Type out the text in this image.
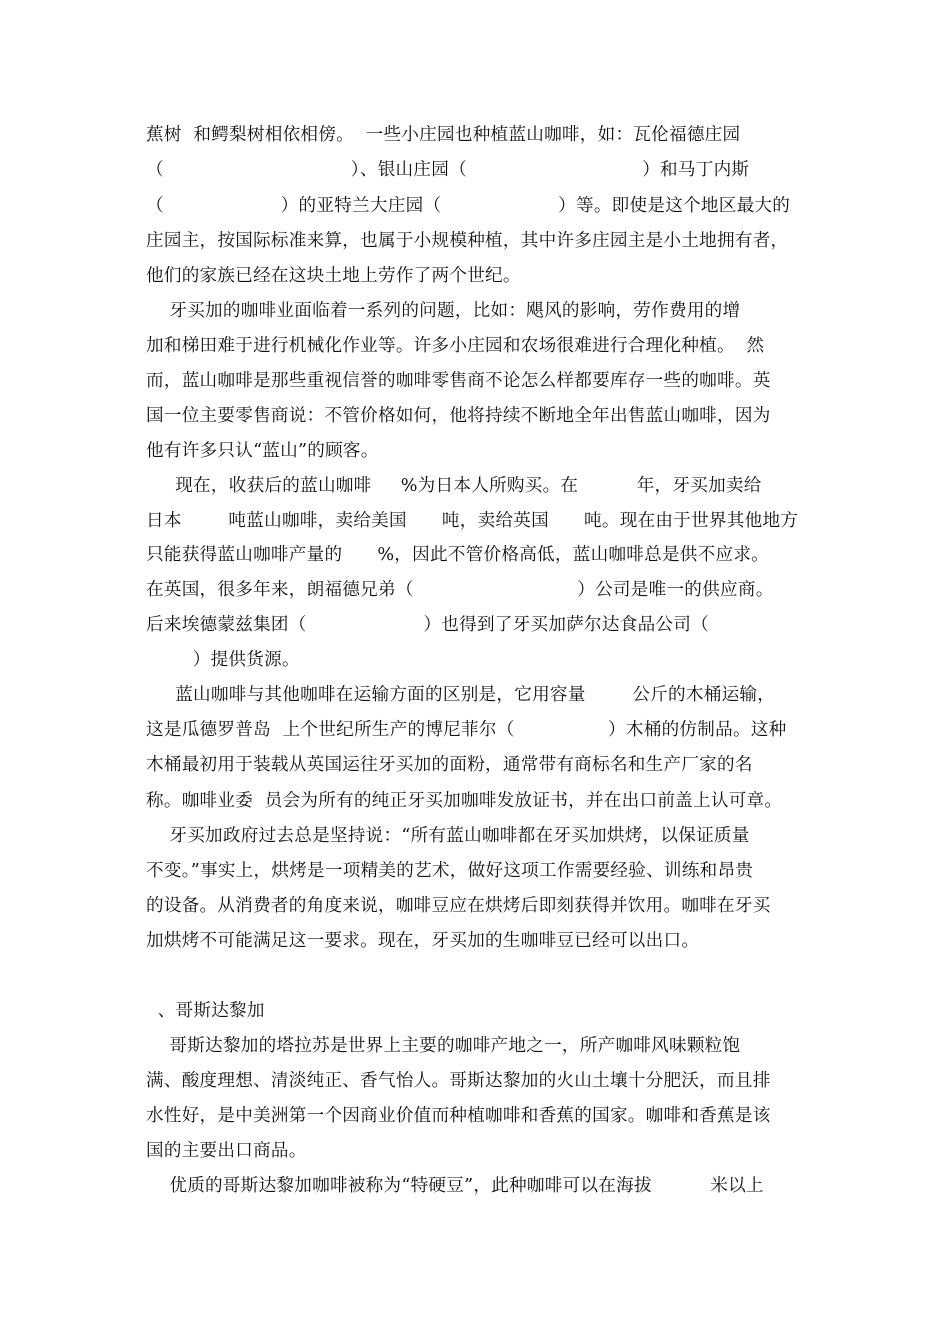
蕉树  和鳄梨树相依相傍。  一些小庄园也种植蓝山咖啡，如：瓦伦福德庄园
（                                ）、银山庄园（                              ）和马丁内斯
（                    ）的亚特兰大庄园（                    ）等。即使是这个地区最大的
庄园主，按国际标准来算，也属于小规模种植，其中许多庄园主是小土地拥有者，
他们的家族已经在这块土地上劳作了两个世纪。
牙买加的咖啡业面临着一系列的问题，比如：飓风的影响，劳作费用的增
加和梯田难于进行机械化作业等。许多小庄园和农场很难进行合理化种植。  然
而，蓝山咖啡是那些重视信誉的咖啡零售商不论怎么样都要库存一些的咖啡。英
国一位主要零售商说：不管价格如何，他将持续不断地全年出售蓝山咖啡，因为
他有许多只认“蓝山”的顾客。
现在，收获后的蓝山咖啡     %为日本人所购买。在          年，牙买加卖给
日本        吨蓝山咖啡，卖给美国      吨，卖给英国      吨。现在由于世界其他地方
只能获得蓝山咖啡产量的      %，因此不管价格高低，蓝山咖啡总是供不应求。
在英国，很多年来，朗福德兄弟（                            ）公司是唯一的供应商。
后来埃德蒙兹集团（                    ）也得到了牙买加萨尔达食品公司（
）提供货源。
蓝山咖啡与其他咖啡在运输方面的区别是，它用容量        公斤的木桶运输，
这是瓜德罗普岛  上个世纪所生产的博尼菲尔（                ）木桶的仿制品。这种
木桶最初用于装载从英国运往牙买加的面粉，通常带有商标名和生产厂家的名
称。咖啡业委  员会为所有的纯正牙买加咖啡发放证书，并在出口前盖上认可章。
牙买加政府过去总是坚持说：“所有蓝山咖啡都在牙买加烘烤，以保证质量
不变。”事实上，烘烤是一项精美的艺术，做好这项工作需要经验、训练和昂贵
的设备。从消费者的角度来说，咖啡豆应在烘烤后即刻获得并饮用。咖啡在牙买
加烘烤不可能满足这一要求。现在，牙买加的生咖啡豆已经可以出口。
、哥斯达黎加
哥斯达黎加的塔拉苏是世界上主要的咖啡产地之一，所产咖啡风味颗粒饱
满、酸度理想、清淡纯正、香气怡人。哥斯达黎加的火山土壤十分肥沃，而且排
水性好，是中美洲第一个因商业价值而种植咖啡和香蕉的国家。咖啡和香蕉是该
国的主要出口商品。
优质的哥斯达黎加咖啡被称为“特硬豆”，此种咖啡可以在海拔          米以上
